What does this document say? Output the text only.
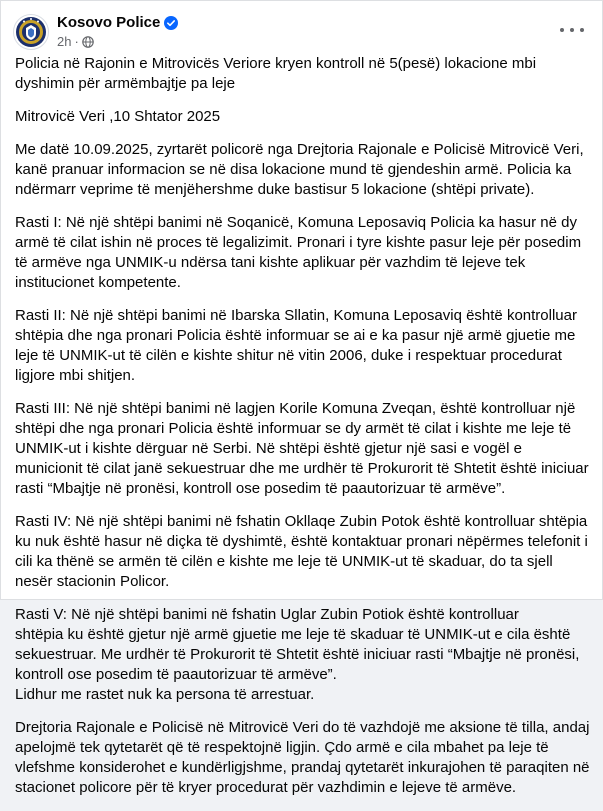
Kosovo Police
2h ·

Policia në Rajonin e Mitrovicës Veriore kryen kontroll në 5(pesë) lokacione mbi dyshimin për armëmbajtje pa leje

Mitrovicë Veri ,10 Shtator 2025

Me datë 10.09.2025, zyrtarët policorë nga Drejtoria Rajonale e Policisë Mitrovicë Veri, kanë pranuar informacion se në disa lokacione mund të gjendeshin armë. Policia ka ndërmarr veprime të menjëhershme duke bastisur 5 lokacione (shtëpi private).

Rasti I: Në një shtëpi banimi në Soqanicë, Komuna Leposaviq Policia ka hasur në dy armë të cilat ishin në proces të legalizimit. Pronari i tyre kishte pasur leje për posedim të armëve nga UNMIK-u ndërsa tani kishte aplikuar për vazhdim të lejeve tek institucionet kompetente.

Rasti II: Në një shtëpi banimi në Ibarska Sllatin, Komuna Leposaviq është kontrolluar shtëpia dhe nga pronari Policia është informuar se ai e ka pasur një armë gjuetie me leje të UNMIK-ut të cilën e kishte shitur në vitin 2006, duke i respektuar procedurat ligjore mbi shitjen.

Rasti III: Në një shtëpi banimi në lagjen Korile Komuna Zveqan, është kontrolluar një shtëpi dhe nga pronari Policia është informuar se dy armët të cilat i kishte me leje të UNMIK-ut i kishte dërguar në Serbi. Në shtëpi është gjetur një sasi e vogël e municionit të cilat janë sekuestruar dhe me urdhër të Prokurorit të Shtetit është iniciuar rasti “Mbajtje në pronësi, kontroll ose posedim të paautorizuar të armëve”.

Rasti IV: Në një shtëpi banimi në fshatin Okllaqe Zubin Potok është kontrolluar shtëpia ku nuk është hasur në diçka të dyshimtë, është kontaktuar pronari nëpërmes telefonit i cili ka thënë se armën të cilën e kishte me leje të UNMIK-ut të skaduar, do ta sjell nesër stacionin Policor.

Rasti V: Në një shtëpi banimi në fshatin Uglar Zubin Potiok është kontrolluar
shtëpia ku është gjetur një armë gjuetie me leje të skaduar të UNMIK-ut e cila është sekuestruar. Me urdhër të Prokurorit të Shtetit është iniciuar rasti “Mbajtje në pronësi, kontroll ose posedim të paautorizuar të armëve”.
Lidhur me rastet nuk ka persona të arrestuar.

Drejtoria Rajonale e Policisë në Mitrovicë Veri do të vazhdojë me aksione të tilla, andaj apelojmë tek qytetarët që të respektojnë ligjin. Çdo armë e cila mbahet pa leje të vlefshme konsiderohet e kundërligjshme, prandaj qytetarët inkurajohen të paraqiten në stacionet policore për të kryer procedurat për vazhdimin e lejeve të armëve.
